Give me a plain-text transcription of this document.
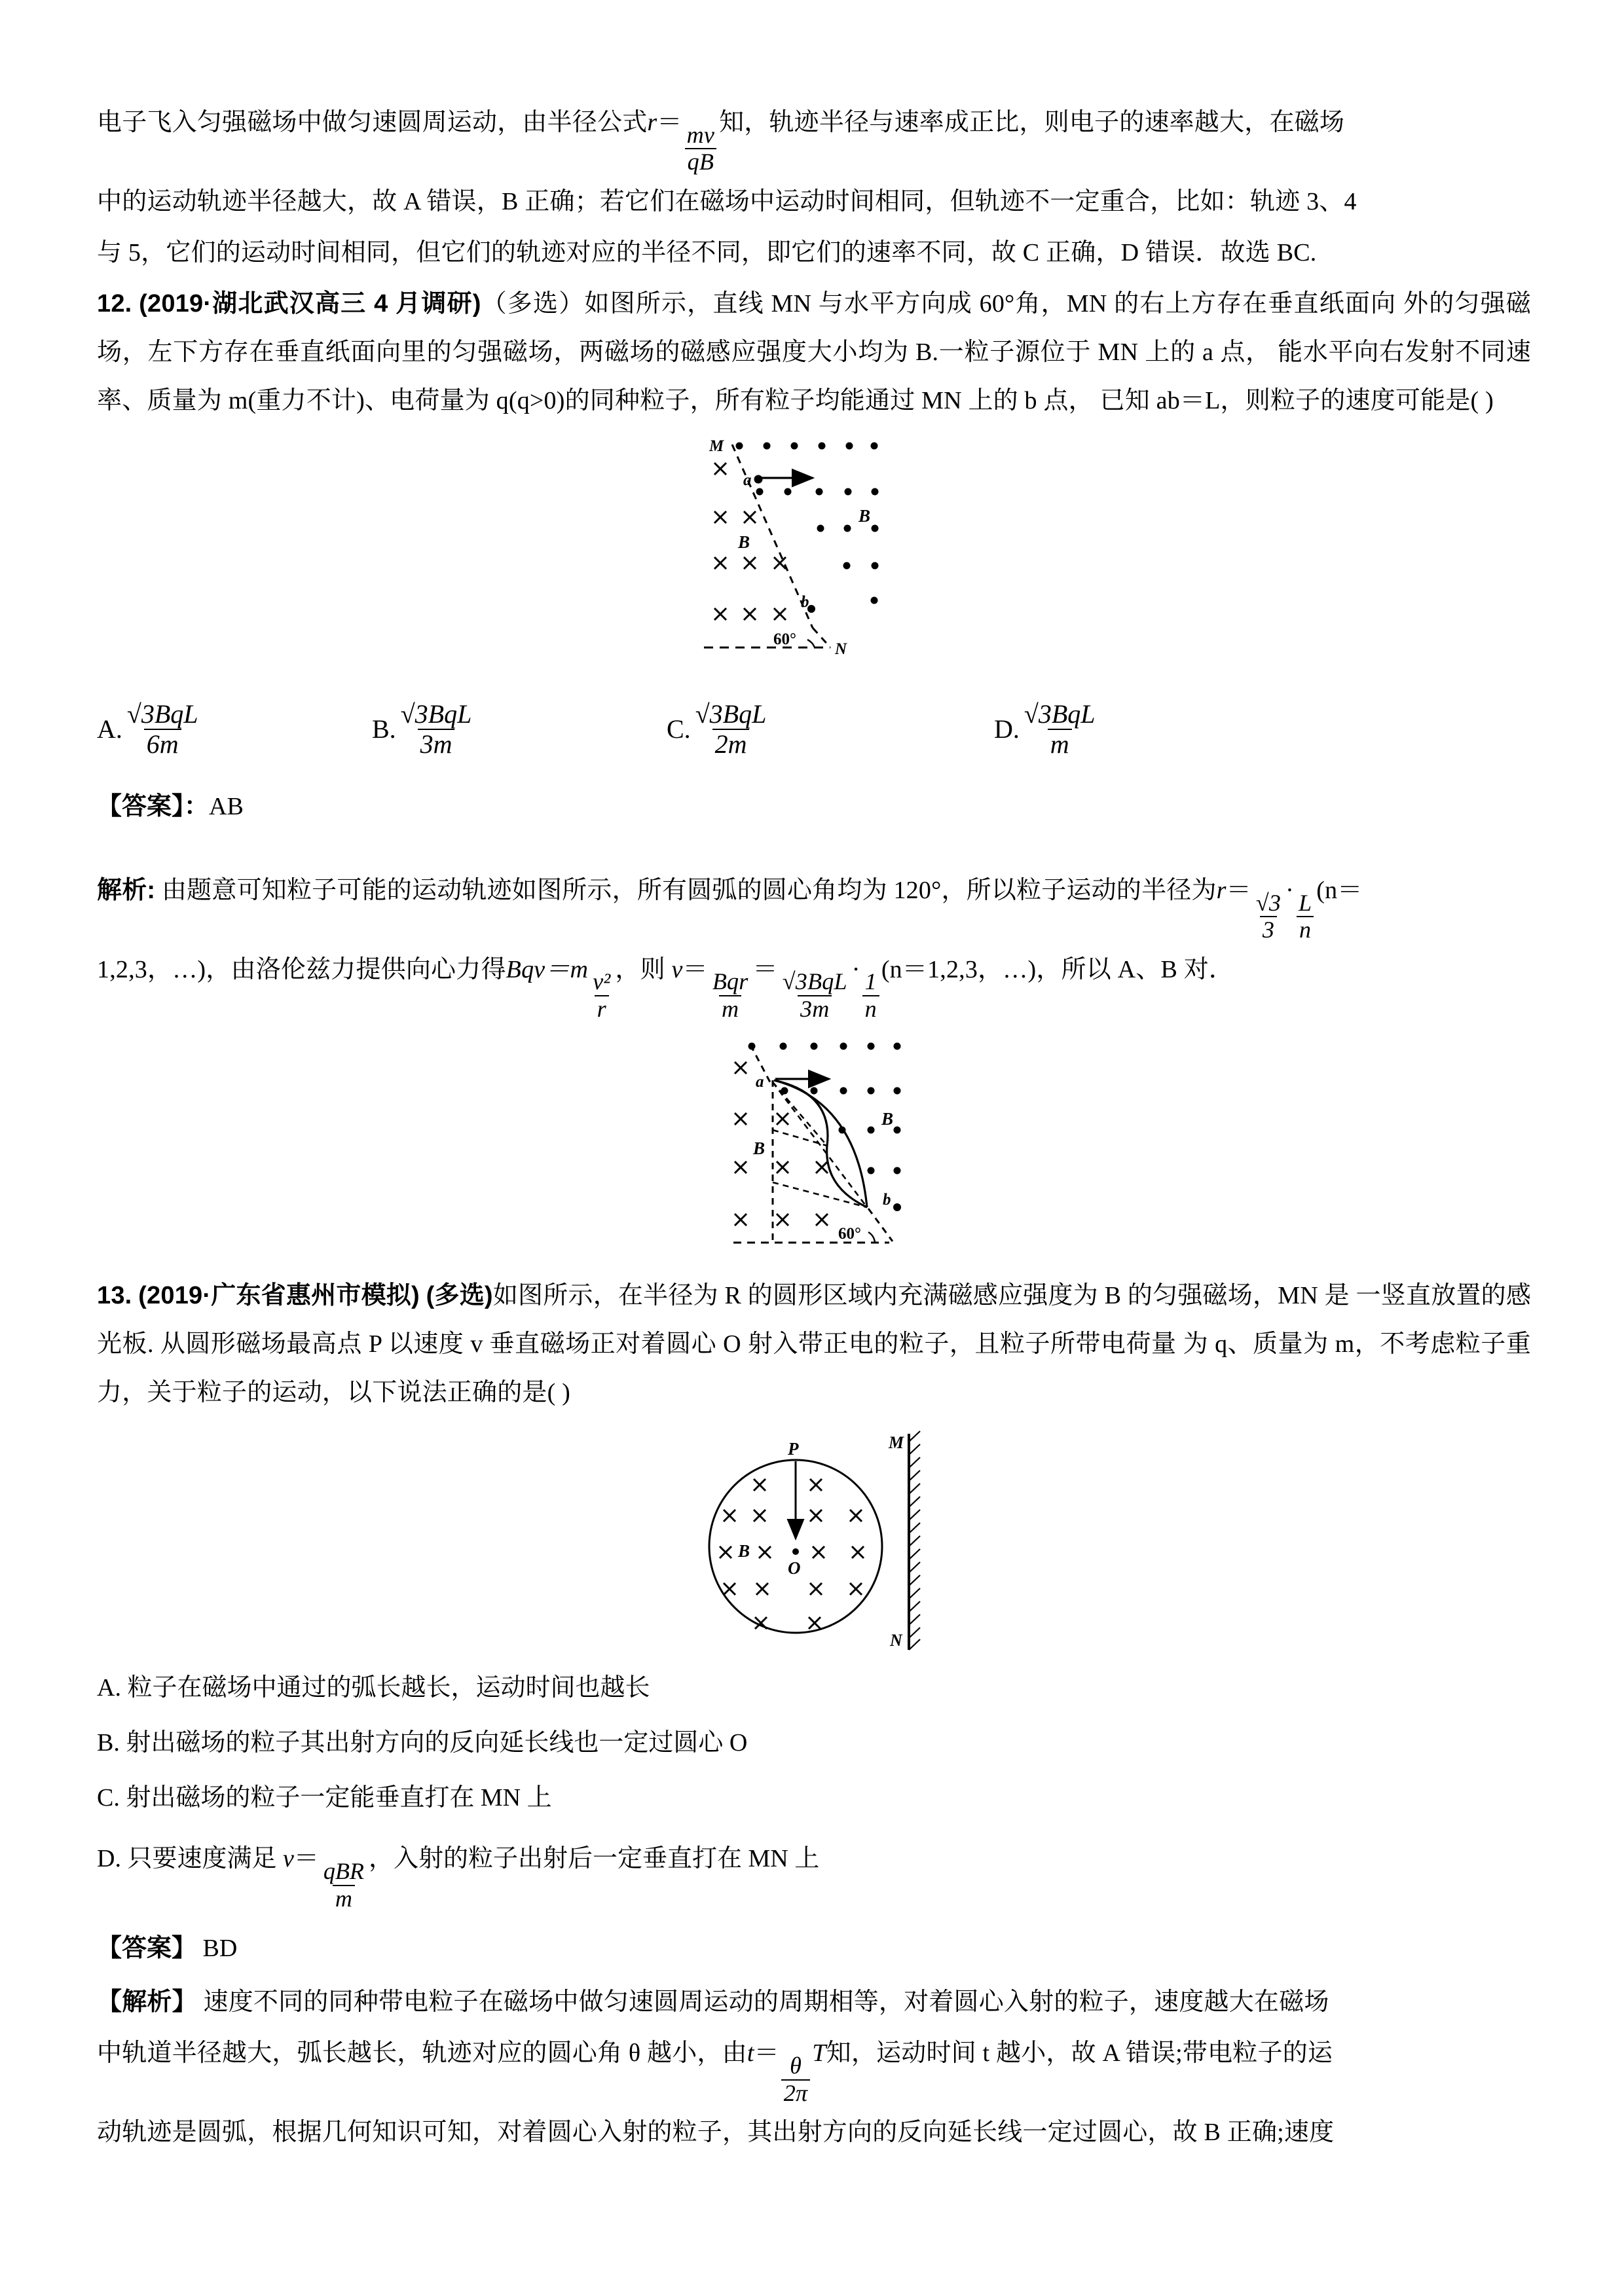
电子飞入匀强磁场中做匀速圆周运动，由半径公式r＝
$\frac{mv}{qB}$
知，轨迹半径与速率成正比，则电子的速率越大，在磁场
中的运动轨迹半径越大，故 A 错误，B 正确；若它们在磁场中运动时间相同，但轨迹不一定重合，比如：轨迹 3、4
与 5，它们的运动时间相同，但它们的轨迹对应的半径不同，即它们的速率不同，故 C 正确，D 错误．故选 BC.
12. (2019·湖北武汉高三 4 月调研)（多选）如图所示，直线 MN 与水平方向成 60°角，MN 的右上方存在垂直纸面向 外的匀强磁场，左下方存在垂直纸面向里的匀强磁场，两磁场的磁感应强度大小均为 B.一粒子源位于 MN 上的 a 点， 能水平向右发射不同速率、质量为 m(重力不计)、电荷量为 q(q>0)的同种粒子，所有粒子均能通过 MN 上的 b 点， 已知 ab＝L，则粒子的速度可能是( )
M
N
a
b
B
B
60°
A. $\frac{\text{√3BqL}}{6m}$	B. $\frac{\text{√3BqL}}{3m}$	C. $\frac{\text{√3BqL}}{2m}$	D. $\frac{\text{√3BqL}}{m}$
【答案】：AB
解析: 由题意可知粒子可能的运动轨迹如图所示，所有圆弧的圆心角均为 120°，所以粒子运动的半径为r＝
$\frac{√3}{3}$
·
$\frac{L}{n}$
(n＝
1,2,3，…)，由洛伦兹力提供向心力得Bqv＝m
$\frac{\text{v²}}{r}$
，则 v＝
$\frac{\text{Bqr}}{m}$
＝
$\frac{\text{√3BqL}}{3m}$
·
$\frac{1}{n}$
(n＝1,2,3，…)，所以 A、B 对．
a
b
B
B
60°
13. (2019·广东省惠州市模拟) (多选)如图所示，在半径为 R 的圆形区域内充满磁感应强度为 B 的匀强磁场，MN 是 一竖直放置的感光板. 从圆形磁场最高点 P 以速度 v 垂直磁场正对着圆心 O 射入带正电的粒子，且粒子所带电荷量 为 q、质量为 m，不考虑粒子重力，关于粒子的运动，以下说法正确的是( )
P
O
B
M
N
A. 粒子在磁场中通过的弧长越长，运动时间也越长
B. 射出磁场的粒子其出射方向的反向延长线也一定过圆心 O
C. 射出磁场的粒子一定能垂直打在 MN 上
D. 只要速度满足 v＝
$\frac{\text{qBR}}{m}$
，入射的粒子出射后一定垂直打在 MN 上
【答案】 BD
【解析】 速度不同的同种带电粒子在磁场中做匀速圆周运动的周期相等，对着圆心入射的粒子，速度越大在磁场
中轨道半径越大，弧长越长，轨迹对应的圆心角 θ 越小，由t＝
$\frac{\theta}{2\pi}$
T知，运动时间 t 越小，故 A 错误;带电粒子的运
动轨迹是圆弧，根据几何知识可知，对着圆心入射的粒子，其出射方向的反向延长线一定过圆心，故 B 正确;速度
